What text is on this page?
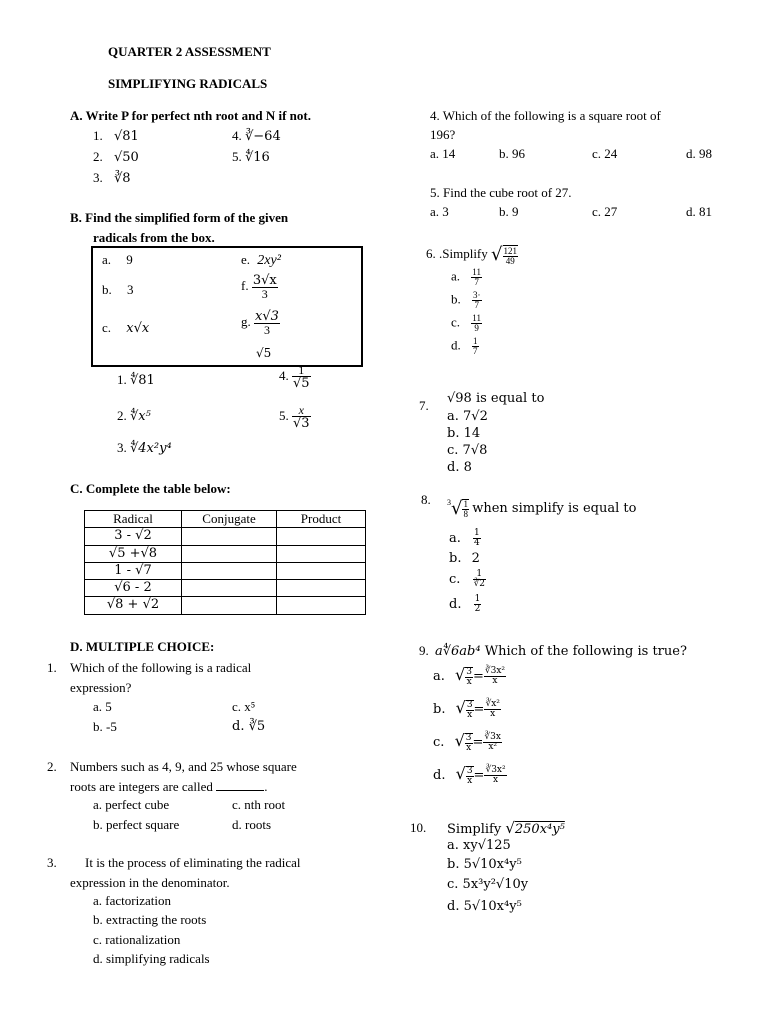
QUARTER 2 ASSESSMENT
SIMPLIFYING RADICALS
A. Write P for perfect nth root and N if not.
1. √81
2. √50
3. ∛8
4. ∛−64
5. ∜16
B. Find the simplified form of the given
radicals from the box.
a. 9
b. 3
c. x√x
e. 2xy²
f. $\frac{3√x}{3}$
g. $\frac{x√3}{3}$
√5
1. ∜81
2. ∜x⁵
3. ∜4x²y⁴
4. $\frac{1}{√5}$
5. $\frac{x}{√3}$
C. Complete the table below:
Radical	Conjugate	Product
3 - √2		
√5 +√8		
1 - √7		
√6 - 2		
√8 + √2		
D. MULTIPLE CHOICE:
1. Which of the following is a radical
expression?
a. 5
b. -5
c. x⁵
d. ∛5
2. Numbers such as 4, 9, and 25 whose square
roots are integers are called	.
a. perfect cube
b. perfect square
c. nth root
d. roots
3. It is the process of eliminating the radical
expression in the denominator.
a. factorization
b. extracting the roots
c. rationalization
d. simplifying radicals
4. Which of the following is a square root of
196?
a. 14	b. 96	c. 24	d. 98
5. Find the cube root of 27.
a. 3	b. 9	c. 27	d. 81
6. .Simplify √ $\frac{121}{49}$
a. $\frac{11}{7}$
b. $\frac{3\cdot}{7}$
c. $\frac{11}{9}$
d. $\frac{1}{7}$
7. √98 is equal to
a. 7√2
b. 14
c. 7√8
d. 8
8. $^3√ \frac{1}{8}$ when simplify is equal to
a. $\frac{1}{4}$
b. 2
c. $\frac{1}{∛2}$
d. $\frac{1}{2}$
9. a∜6ab⁴ Which of the following is true?
a. √ $\frac{3}{x} = \frac{\text{∛3x²}}{x}$
b. √ $\frac{3}{x} = \frac{\text{∛x²}}{x}$
c. √ $\frac{3}{x} = \frac{∛3x}{\text{x²}}$
d. √ $\frac{3}{x} = \frac{\text{∛3x²}}{x}$
10. Simplify √250x⁴y⁵
a. xy√125
b. 5√10x⁴y⁵
c. 5x³y²√10y
d. 5√10x⁴y⁵
